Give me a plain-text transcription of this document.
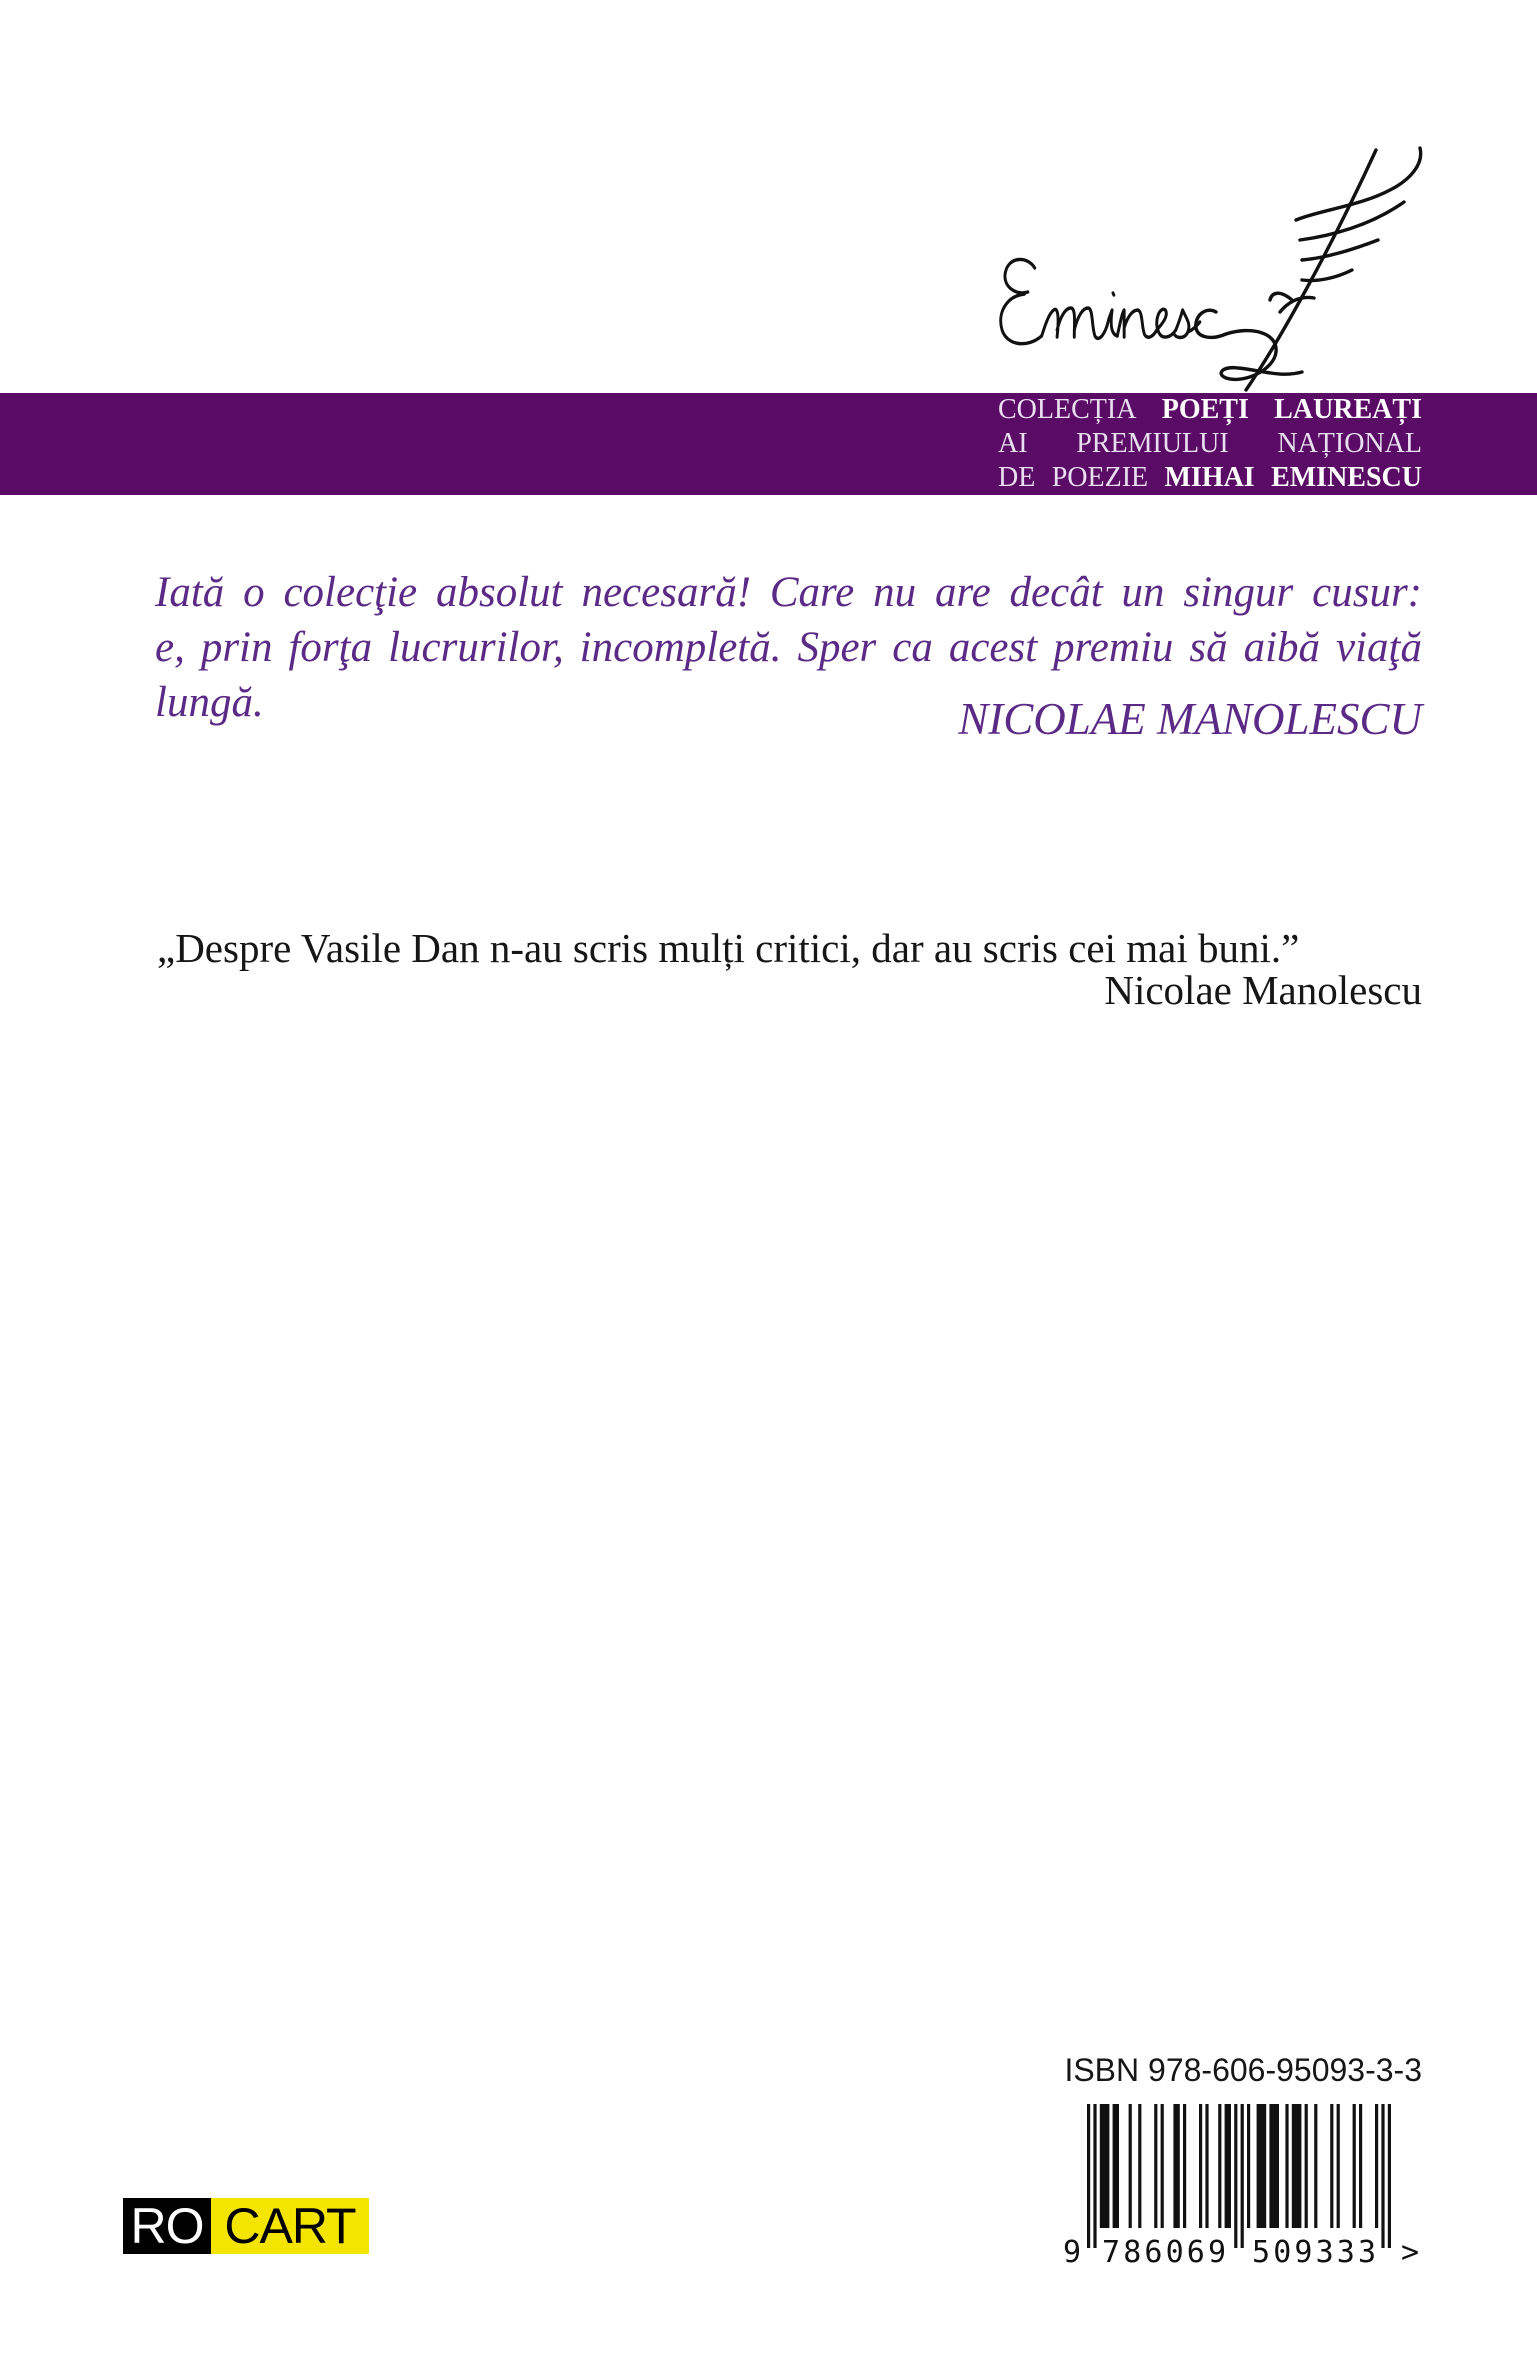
COLECȚIA POEȚI LAUREAȚI
AI PREMIULUI NAȚIONAL
DE POEZIE MIHAI EMINESCU
Iată o colecţie absolut necesară! Care nu are decât un singur cusur:
e, prin forţa lucrurilor, incompletă. Sper ca acest premiu să aibă viaţă
lungă.	NICOLAE MANOLESCU
„Despre Vasile Dan n-au scris mulți critici, dar au scris cei mai buni.”
Nicolae Manolescu
ISBN 978-606-95093-3-3
9 786069 509333 >
RO CART
